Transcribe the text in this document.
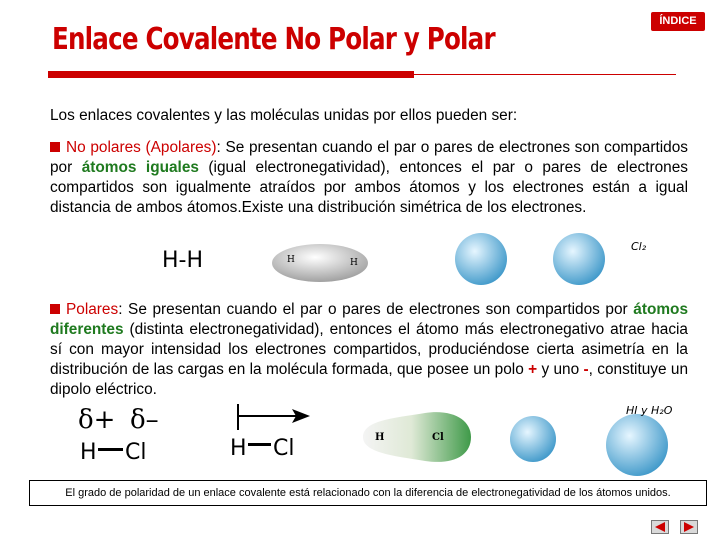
Enlace Covalente No Polar y Polar
ÍNDICE
Los enlaces covalentes y las moléculas unidas por ellos pueden ser:
No polares (Apolares): Se presentan cuando el par o pares de electrones son compartidos por átomos iguales (igual electronegatividad), entonces el par o pares de electrones compartidos son igualmente atraídos por ambos átomos y los electrones están a igual distancia de ambos átomos.Existe una distribución simétrica de los electrones.
H-H	H	H
Cl₂
Polares: Se presentan cuando el par o pares de electrones son compartidos por átomos diferentes (distinta electronegatividad), entonces el átomo más electronegativo atrae hacia sí con mayor intensidad los electrones compartidos, produciéndose cierta asimetría en la distribución de las cargas en la molécula formada, que posee un polo + y uno -, constituye un dipolo eléctrico.
δ+ δ–
H Cl	H Cl	H	Cl
HI y H₂O
El grado de polaridad de un enlace covalente está relacionado con la diferencia de electronegatividad de los átomos unidos.
